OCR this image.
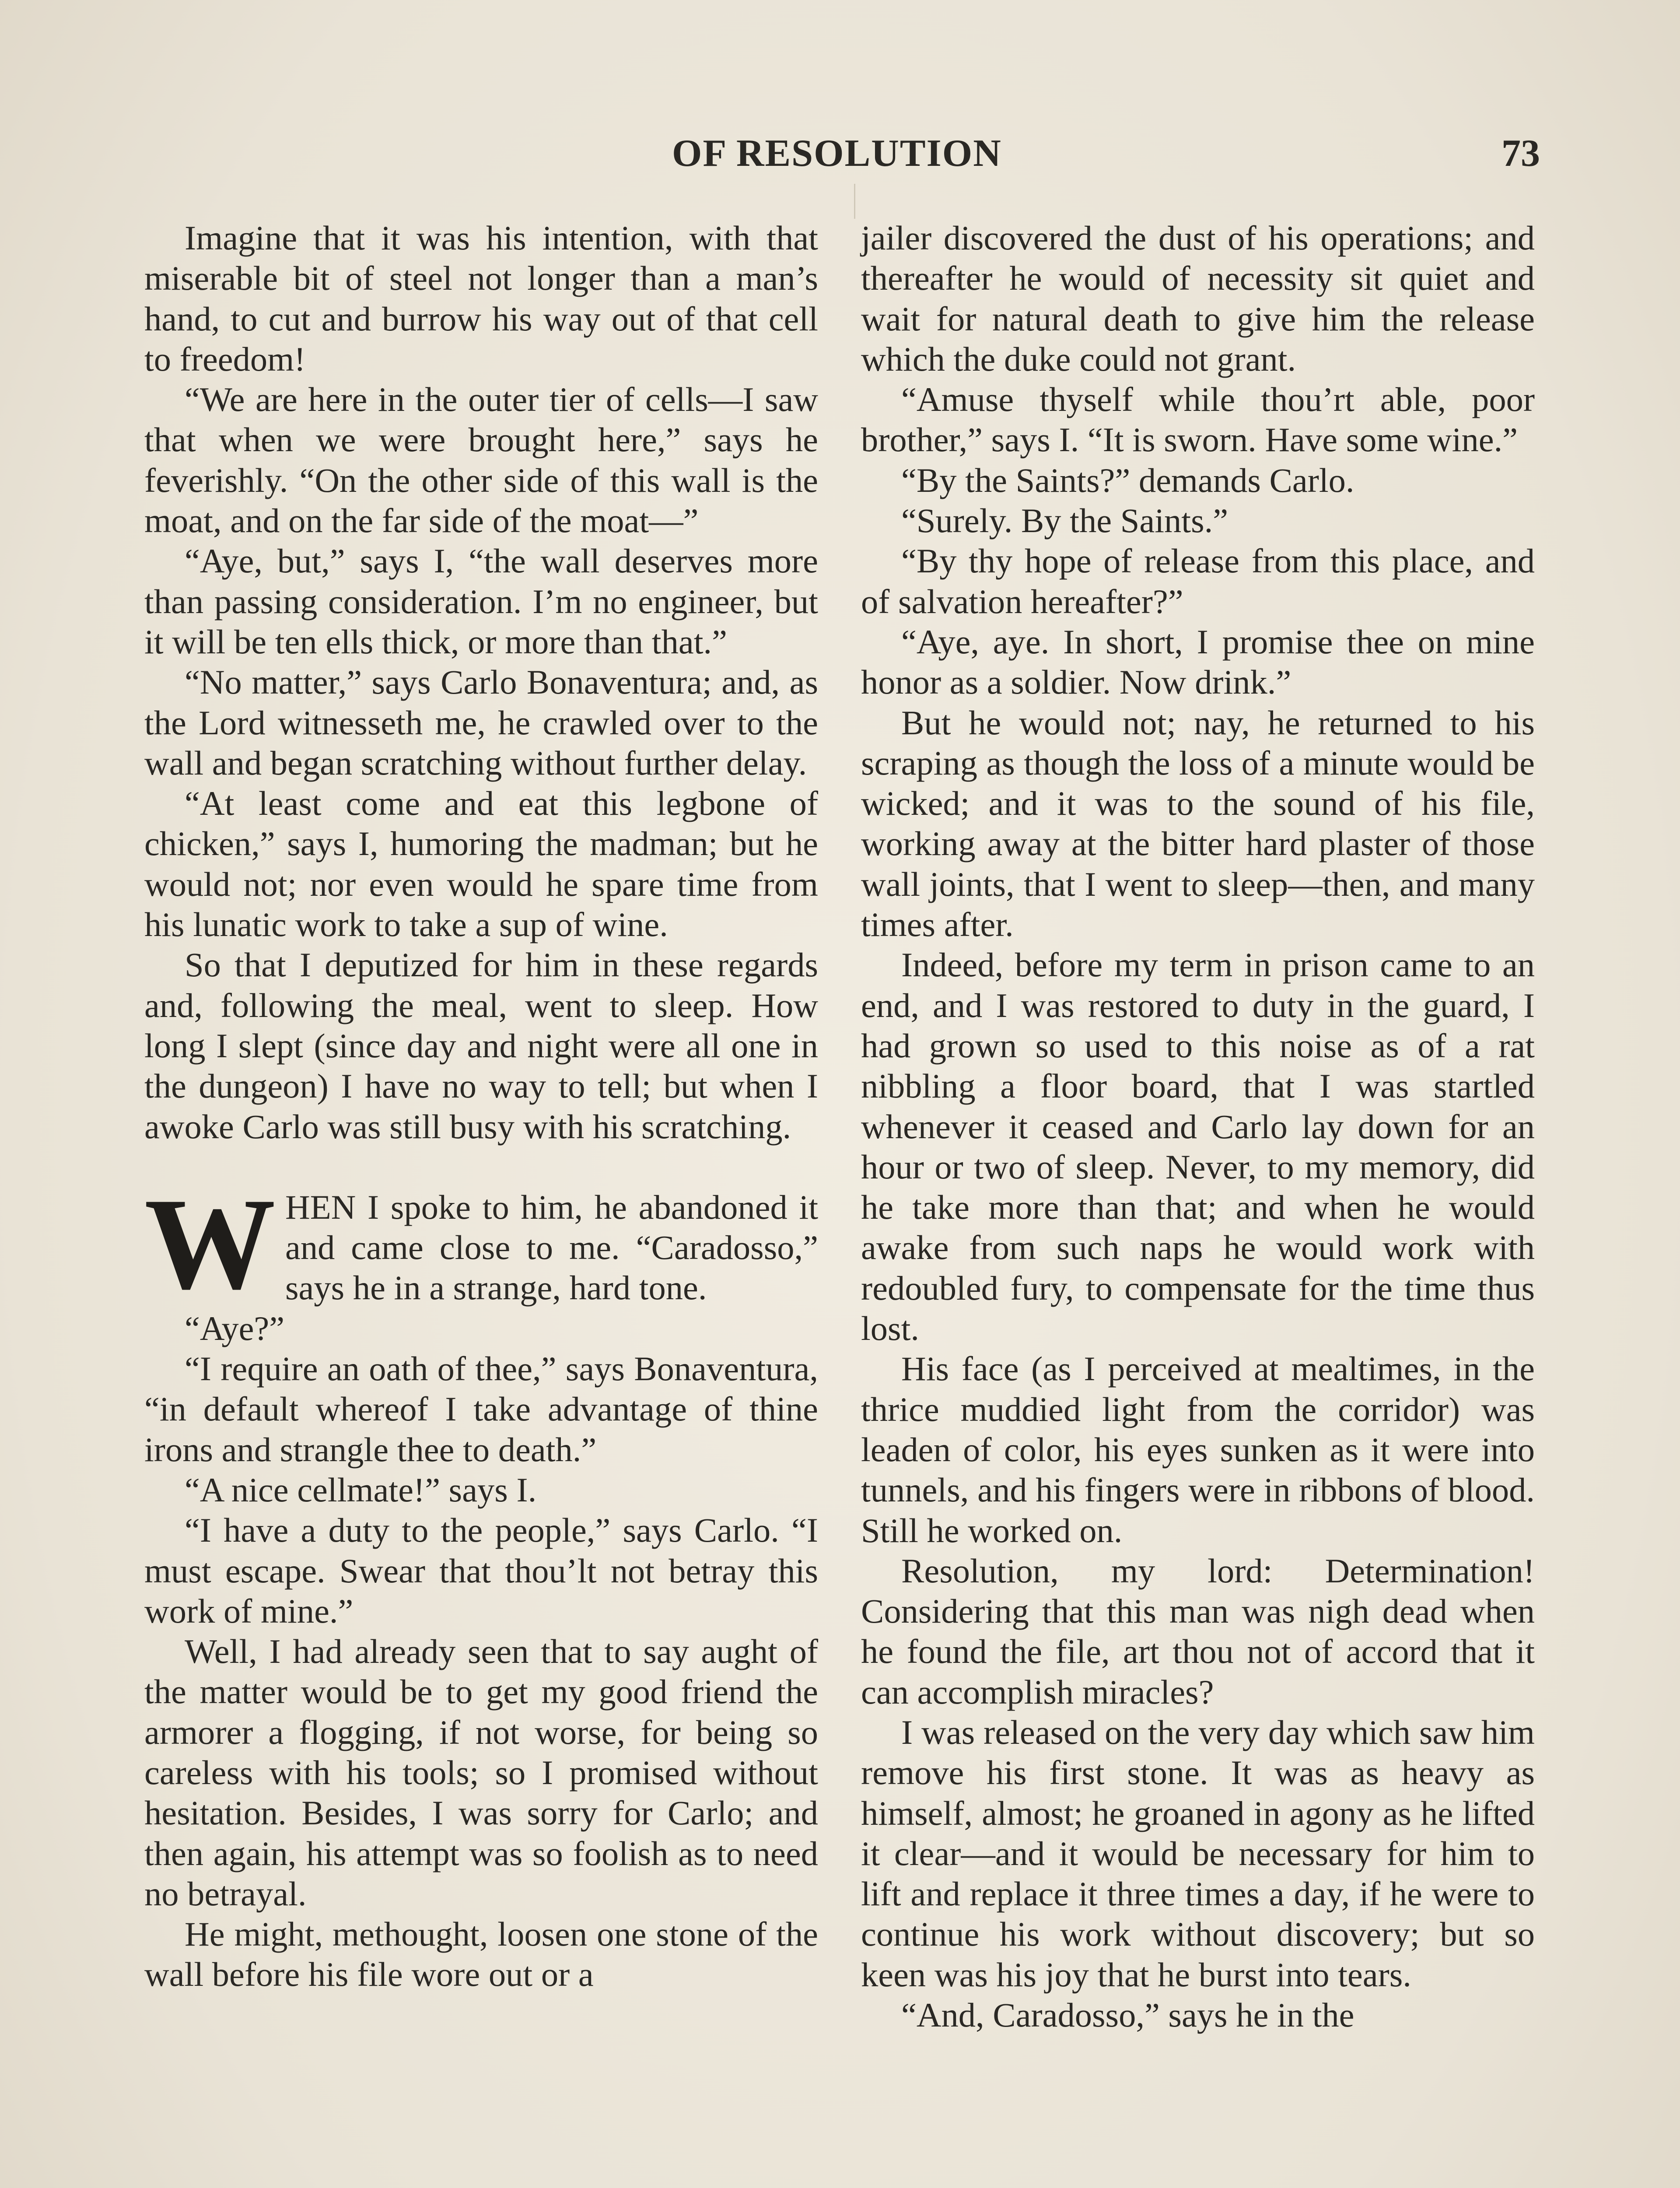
OF RESOLUTION	73

Imagine that it was his intention, with that miserable bit of steel not longer than a man’s hand, to cut and burrow his way out of that cell to freedom!

“We are here in the outer tier of cells—I saw that when we were brought here,” says he feverishly. “On the other side of this wall is the moat, and on the far side of the moat—”

“Aye, but,” says I, “the wall deserves more than passing consideration. I’m no engineer, but it will be ten ells thick, or more than that.”

“No matter,” says Carlo Bonaventura; and, as the Lord witnesseth me, he crawled over to the wall and began scratching without further delay.

“At least come and eat this legbone of chicken,” says I, humoring the madman; but he would not; nor even would he spare time from his lunatic work to take a sup of wine.

So that I deputized for him in these regards and, following the meal, went to sleep. How long I slept (since day and night were all one in the dungeon) I have no way to tell; but when I awoke Carlo was still busy with his scratching.

WHEN I spoke to him, he abandoned it and came close to me. “Caradosso,” says he in a strange, hard tone.

“Aye?”

“I require an oath of thee,” says Bonaventura, “in default whereof I take advantage of thine irons and strangle thee to death.”

“A nice cellmate!” says I.

“I have a duty to the people,” says Carlo. “I must escape. Swear that thou’lt not betray this work of mine.”

Well, I had already seen that to say aught of the matter would be to get my good friend the armorer a flogging, if not worse, for being so careless with his tools; so I promised without hesitation. Besides, I was sorry for Carlo; and then again, his attempt was so foolish as to need no betrayal.

He might, methought, loosen one stone of the wall before his file wore out or a

jailer discovered the dust of his operations; and thereafter he would of necessity sit quiet and wait for natural death to give him the release which the duke could not grant.

“Amuse thyself while thou’rt able, poor brother,” says I. “It is sworn. Have some wine.”

“By the Saints?” demands Carlo.

“Surely. By the Saints.”

“By thy hope of release from this place, and of salvation hereafter?”

“Aye, aye. In short, I promise thee on mine honor as a soldier. Now drink.”

But he would not; nay, he returned to his scraping as though the loss of a minute would be wicked; and it was to the sound of his file, working away at the bitter hard plaster of those wall joints, that I went to sleep—then, and many times after.

Indeed, before my term in prison came to an end, and I was restored to duty in the guard, I had grown so used to this noise as of a rat nibbling a floor board, that I was startled whenever it ceased and Carlo lay down for an hour or two of sleep. Never, to my memory, did he take more than that; and when he would awake from such naps he would work with redoubled fury, to compensate for the time thus lost.

His face (as I perceived at mealtimes, in the thrice muddied light from the corridor) was leaden of color, his eyes sunken as it were into tunnels, and his fingers were in ribbons of blood. Still he worked on.

Resolution, my lord: Determination! Considering that this man was nigh dead when he found the file, art thou not of accord that it can accomplish miracles?

I was released on the very day which saw him remove his first stone. It was as heavy as himself, almost; he groaned in agony as he lifted it clear—and it would be necessary for him to lift and replace it three times a day, if he were to continue his work without discovery; but so keen was his joy that he burst into tears.

“And, Caradosso,” says he in the
